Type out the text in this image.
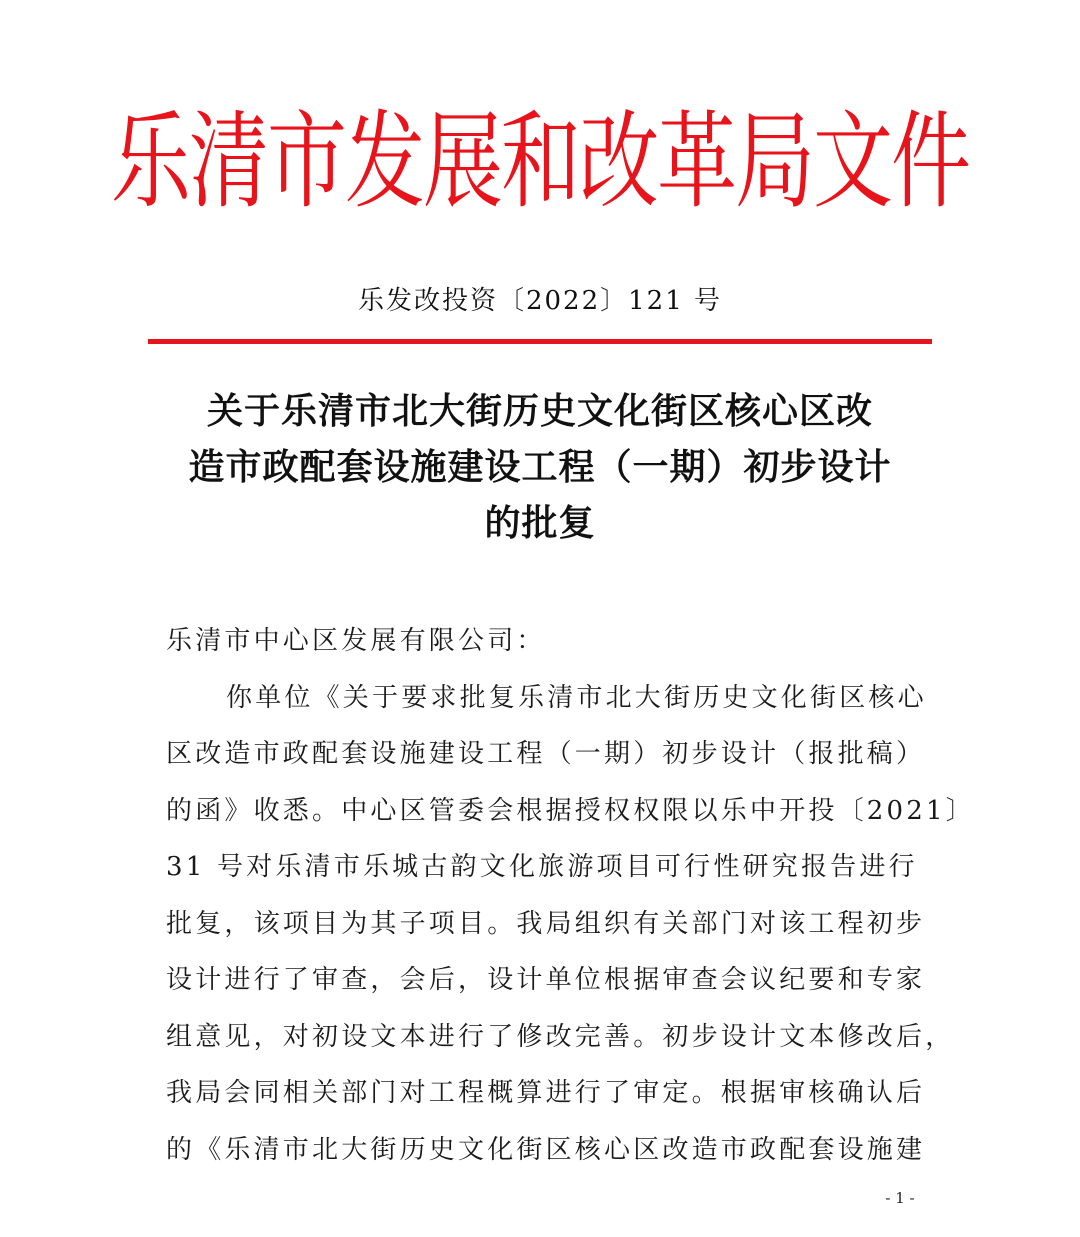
乐清市发展和改革局文件
乐发改投资〔2022〕121 号
关于乐清市北大街历史文化街区核心区改
造市政配套设施建设工程（一期）初步设计
的批复
乐清市中心区发展有限公司：
你单位《关于要求批复乐清市北大街历史文化街区核心
区改造市政配套设施建设工程（一期）初步设计（报批稿）
的函》收悉。中心区管委会根据授权权限以乐中开投〔2021〕
31 号对乐清市乐城古韵文化旅游项目可行性研究报告进行
批复，该项目为其子项目。我局组织有关部门对该工程初步
设计进行了审查，会后，设计单位根据审查会议纪要和专家
组意见，对初设文本进行了修改完善。初步设计文本修改后，
我局会同相关部门对工程概算进行了审定。根据审核确认后
的《乐清市北大街历史文化街区核心区改造市政配套设施建
- 1 -
